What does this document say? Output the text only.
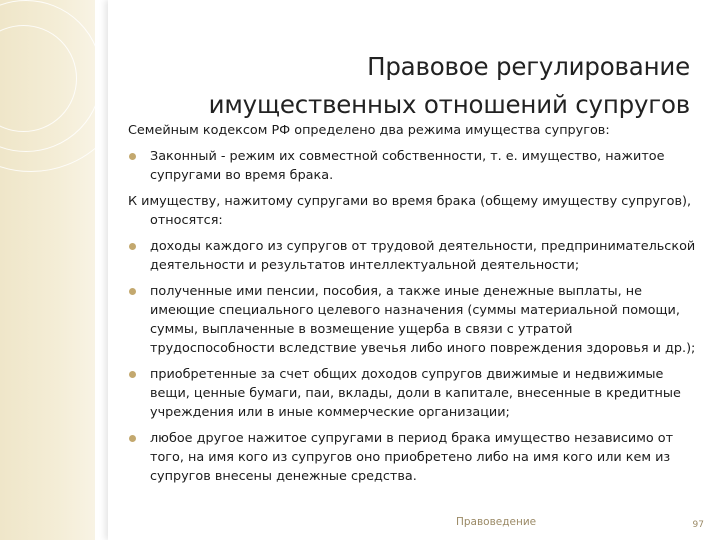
Правовое регулирование
имущественных отношений супругов

Семейным кодексом РФ определено два режима имущества супругов:

Законный - режим их совместной собственности, т. е. имущество, нажитое супругами во время брака.

К имуществу, нажитому супругами во время брака (общему имуществу супругов), относятся:

доходы каждого из супругов от трудовой деятельности, предпринимательской деятельности и результатов интеллектуальной деятельности;
полученные ими пенсии, пособия, а также иные денежные выплаты, не имеющие специального целевого назначения (суммы материальной помощи, суммы, выплаченные в возмещение ущерба в связи с утратой трудоспособности вследствие увечья либо иного повреждения здоровья и др.);
приобретенные за счет общих доходов супругов движимые и недвижимые вещи, ценные бумаги, паи, вклады, доли в капитале, внесенные в кредитные учреждения или в иные коммерческие организации;
любое другое нажитое супругами в период брака имущество независимо от того, на имя кого из супругов оно приобретено либо на имя кого или кем из супругов внесены денежные средства.
Правоведение	97
